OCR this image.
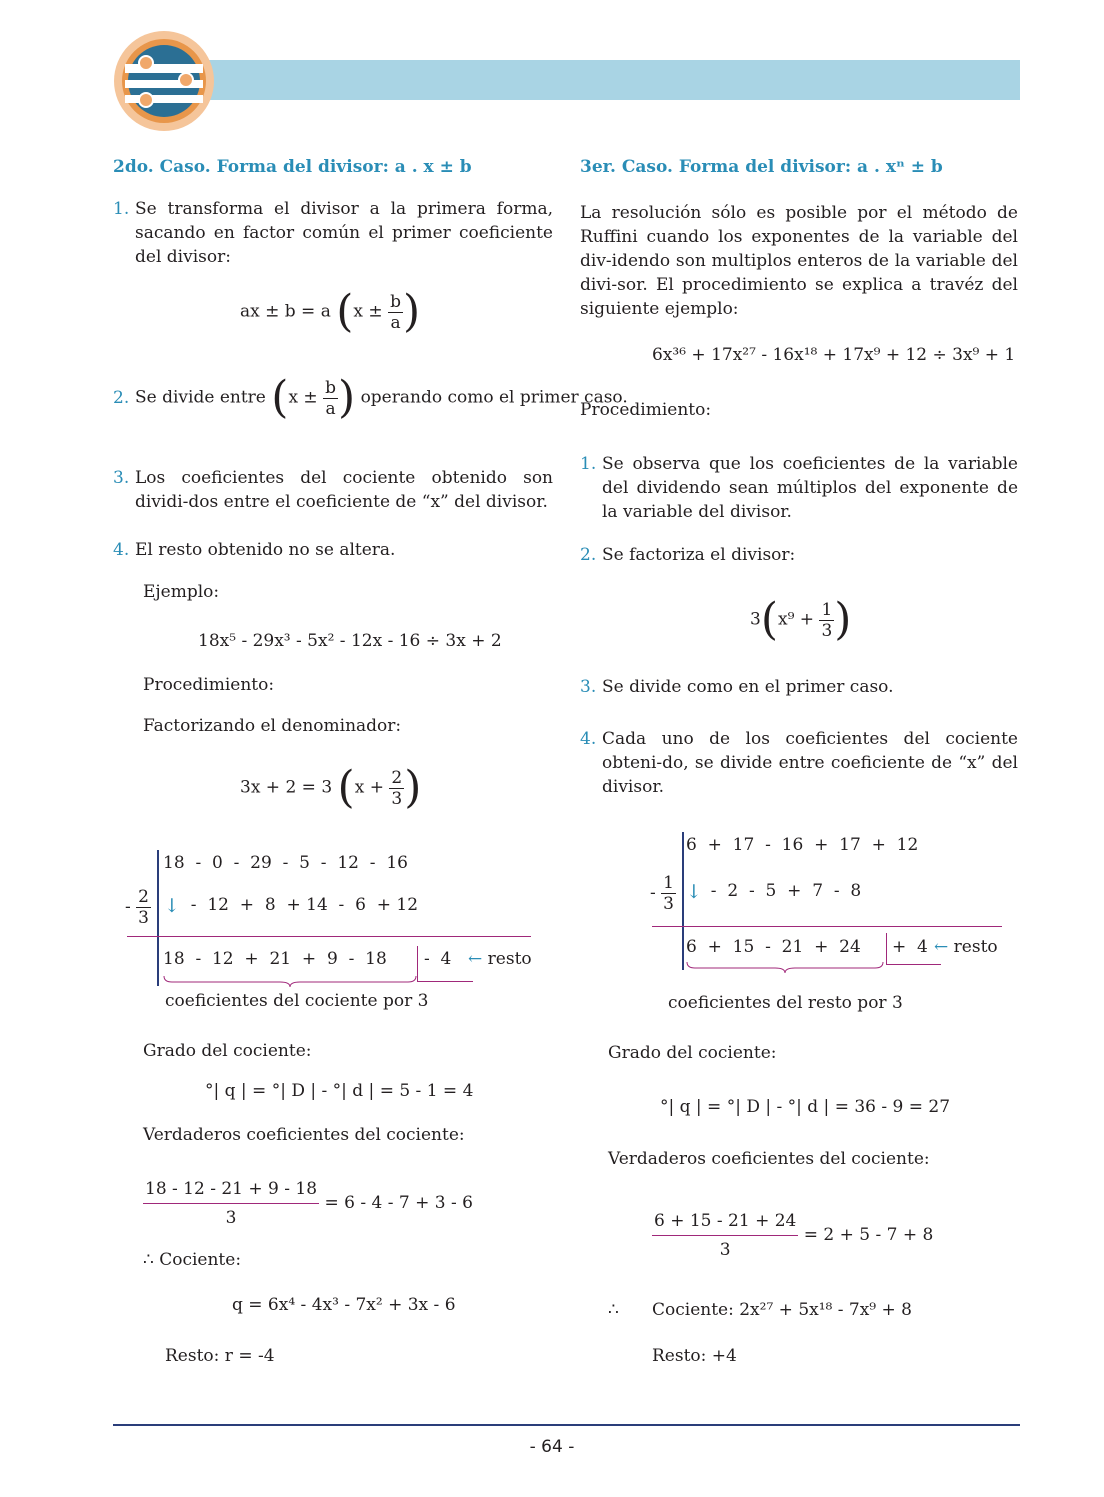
2do. Caso. Forma del divisor: a . x ± b
1. Se transforma el divisor a la primera forma, sacando en factor común el primer coeficiente del divisor:
ax ± b = a ($x \pm \frac{b}{a}$ )
2. Se divide entre ($x \pm \frac{b}{a}$ ) operando como el primer caso.
3. Los coeficientes del cociente obtenido son dividi-dos entre el coeficiente de “x” del divisor.
4. El resto obtenido no se altera.
Ejemplo:
18x⁵ - 29x³ - 5x² - 12x - 16 ÷ 3x + 2
Procedimiento:
Factorizando el denominador:
3x + 2 = 3 ($x + \frac{2}{3}$ )
18  -  0  -  29  -  5  -  12  -  16
- $\frac{2}{3}$ ↓ -  12  +  8  + 14  -  6  + 12
18  -  12  +  21  +  9  -  18 -  4 ← resto
coeficientes del cociente por 3
Grado del cociente:
°| q | = °| D | - °| d | = 5 - 1 = 4
Verdaderos coeficientes del cociente:
$\frac{18 - 12 - 21 + 9 - 18}{3} = 6 - 4 - 7 + 3 - 6$
∴ Cociente:
q = 6x⁴ - 4x³ - 7x² + 3x - 6
Resto: r = -4
3er. Caso. Forma del divisor: a . xⁿ ± b
La resolución sólo es posible por el método de Ruffini cuando los exponentes de la variable del div-idendo son multiplos enteros de la variable del divi-sor. El procedimiento se explica a travéz del siguiente ejemplo:
6x³⁶ + 17x²⁷ - 16x¹⁸ + 17x⁹ + 12 ÷ 3x⁹ + 1
Procedimiento:
1. Se observa que los coeficientes de la variable del dividendo sean múltiplos del exponente de la variable del divisor.
2. Se factoriza el divisor:
$3(x^9 + \frac{1}{3}$ )
3. Se divide como en el primer caso.
4. Cada uno de los coeficientes del cociente obteni-do, se divide entre coeficiente de “x” del divisor.
6  +  17  -  16  +  17  +  12
- $\frac{1}{3}$ ↓
-  2  -  5  +  7  -  8
6  +  15  -  21  +  24 +  4 ← resto
coeficientes del resto por 3
Grado del cociente:
°| q | = °| D | - °| d | = 36 - 9 = 27
Verdaderos coeficientes del cociente:
$\frac{6 + 15 - 21 + 24}{3} = 2 + 5 - 7 + 8$
∴ Cociente: 2x²⁷ + 5x¹⁸ - 7x⁹ + 8
Resto: +4
- 64 -
